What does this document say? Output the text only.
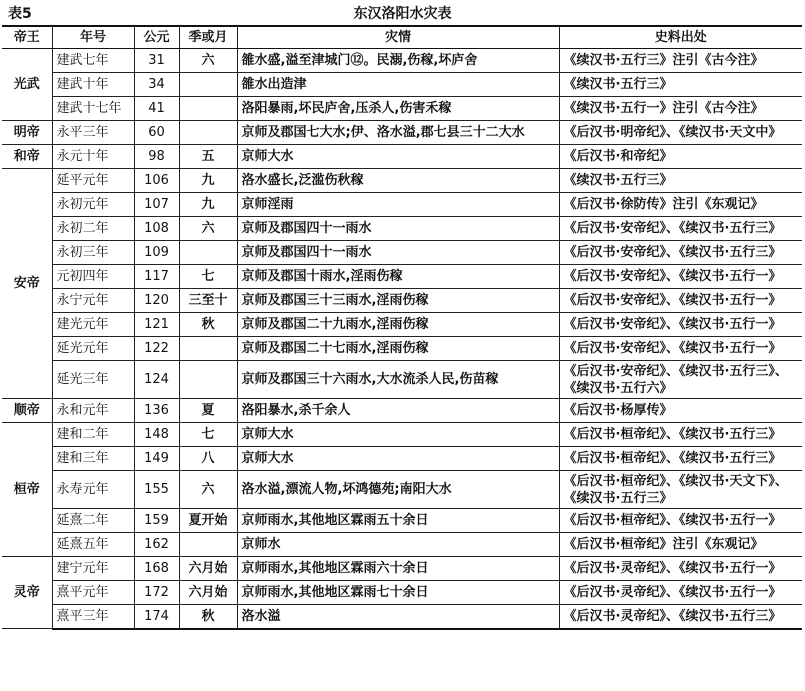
表5	东汉洛阳水灾表
帝王	年号	公元	季或月	灾情	史料出处
光武	建武七年	31	六	雒水盛,溢至津城门⑫。民溺,伤稼,坏庐舍	《续汉书·五行三》注引《古今注》
	建武十年	34		雒水出造津	《续汉书·五行三》
	建武十七年	41		洛阳暴雨,坏民庐舍,压杀人,伤害禾稼	《续汉书·五行一》注引《古今注》
明帝	永平三年	60		京师及郡国七大水;伊、洛水溢,郡七县三十二大水	《后汉书·明帝纪》、《续汉书·天文中》
和帝	永元十年	98	五	京师大水	《后汉书·和帝纪》
安帝	延平元年	106	九	洛水盛长,泛滥伤秋稼	《续汉书·五行三》
	永初元年	107	九	京师淫雨	《后汉书·徐防传》注引《东观记》
	永初二年	108	六	京师及郡国四十一雨水	《后汉书·安帝纪》、《续汉书·五行三》
	永初三年	109		京师及郡国四十一雨水	《后汉书·安帝纪》、《续汉书·五行三》
	元初四年	117	七	京师及郡国十雨水,淫雨伤稼	《后汉书·安帝纪》、《续汉书·五行一》
	永宁元年	120	三至十	京师及郡国三十三雨水,淫雨伤稼	《后汉书·安帝纪》、《续汉书·五行一》
	建光元年	121	秋	京师及郡国二十九雨水,淫雨伤稼	《后汉书·安帝纪》、《续汉书·五行一》
	延光元年	122		京师及郡国二十七雨水,淫雨伤稼	《后汉书·安帝纪》、《续汉书·五行一》
	延光三年	124		京师及郡国三十六雨水,大水流杀人民,伤苗稼	《后汉书·安帝纪》、《续汉书·五行三》、《续汉书·五行六》
顺帝	永和元年	136	夏	洛阳暴水,杀千余人	《后汉书·杨厚传》
桓帝	建和二年	148	七	京师大水	《后汉书·桓帝纪》、《续汉书·五行三》
	建和三年	149	八	京师大水	《后汉书·桓帝纪》、《续汉书·五行三》
	永寿元年	155	六	洛水溢,漂流人物,坏鸿德苑;南阳大水	《后汉书·桓帝纪》、《续汉书·天文下》、《续汉书·五行三》
	延熹二年	159	夏开始	京师雨水,其他地区霖雨五十余日	《后汉书·桓帝纪》、《续汉书·五行一》
	延熹五年	162		京师水	《后汉书·桓帝纪》注引《东观记》
灵帝	建宁元年	168	六月始	京师雨水,其他地区霖雨六十余日	《后汉书·灵帝纪》、《续汉书·五行一》
	熹平元年	172	六月始	京师雨水,其他地区霖雨七十余日	《后汉书·灵帝纪》、《续汉书·五行一》
	熹平三年	174	秋	洛水溢	《后汉书·灵帝纪》、《续汉书·五行三》
